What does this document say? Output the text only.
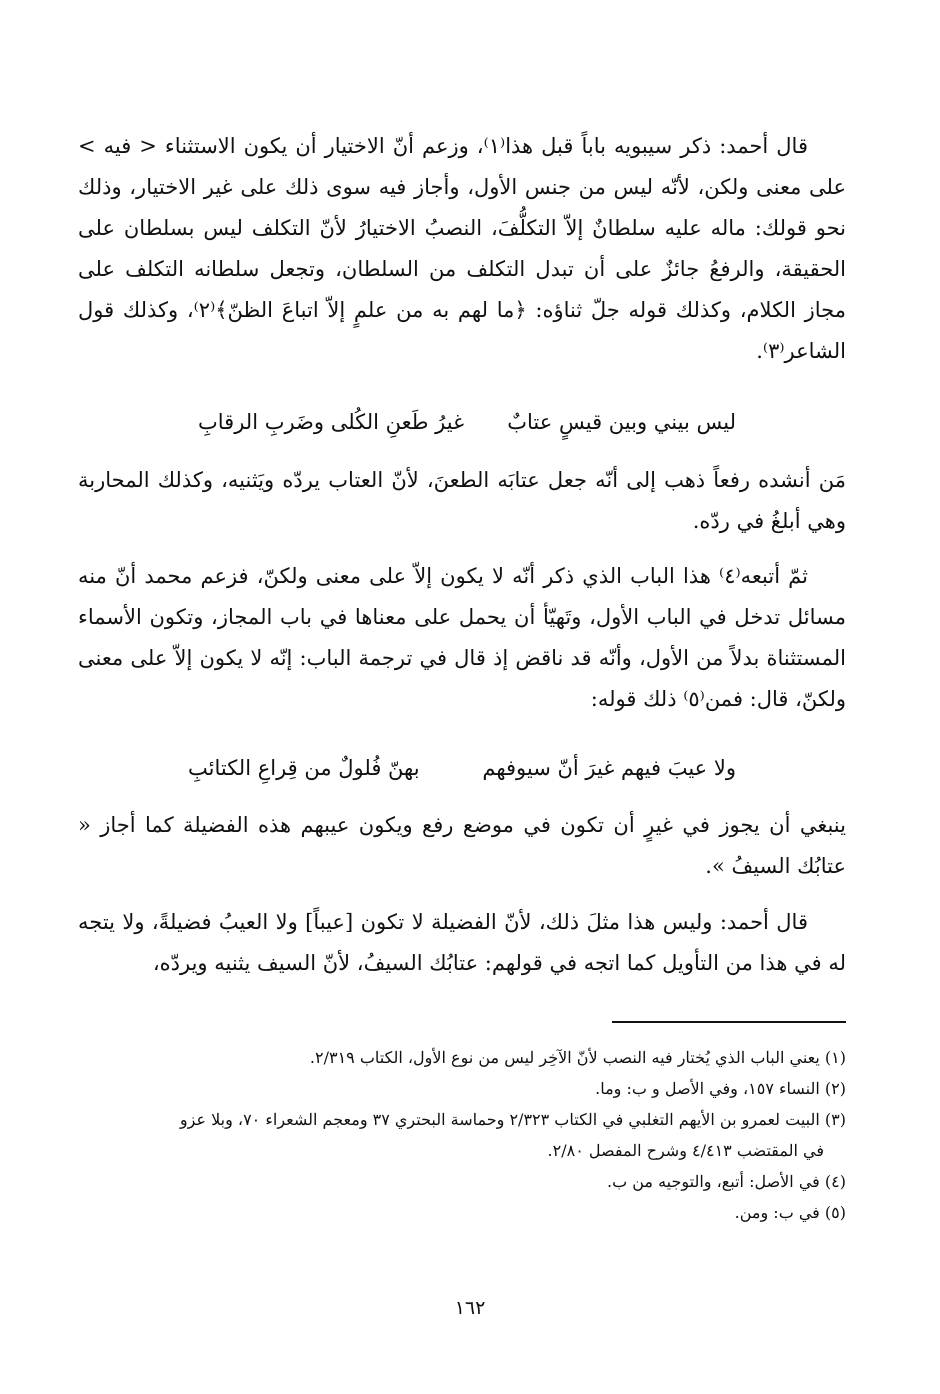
قال أحمد: ذكر سيبويه باباً قبل هذا⁽١⁾، وزعم أنّ الاختيار أن يكون الاستثناء < فيه > على معنى ولكن، لأنّه ليس من جنس الأول، وأجاز فيه سوى ذلك على غير الاختيار، وذلك نحو قولك: ماله عليه سلطانٌ إلاّ التكلُّفَ، النصبُ الاختيارُ لأنّ التكلف ليس بسلطان على الحقيقة، والرفعُ جائزٌ على أن تبدل التكلف من السلطان، وتجعل سلطانه التكلف على مجاز الكلام، وكذلك قوله جلّ ثناؤه: ﴿ما لهم به من علمٍ إلاّ اتباعَ الظنّ﴾⁽٢⁾، وكذلك قول الشاعر⁽٣⁾.

ليس بيني وبين قيسٍ عتابٌ
غيرُ طَعنِ الكُلى وضَربِ الرقابِ

مَن أنشده رفعاً ذهب إلى أنّه جعل عتابَه الطعنَ، لأنّ العتاب يردّه ويَثنيه، وكذلك المحاربة وهي أبلغُ في ردّه.

ثمّ أتبعه⁽٤⁾ هذا الباب الذي ذكر أنّه لا يكون إلاّ على معنى ولكنّ، فزعم محمد أنّ منه مسائل تدخل في الباب الأول، وتَهيّأ أن يحمل على معناها في باب المجاز، وتكون الأسماء المستثناة بدلاً من الأول، وأنّه قد ناقض إذ قال في ترجمة الباب: إنّه لا يكون إلاّ على معنى ولكنّ، قال: فمن⁽٥⁾ ذلك قوله:

ولا عيبَ فيهم غيرَ أنّ سيوفهم
بهنّ فُلولٌ من قِراعِ الكتائبِ

ينبغي أن يجوز في غيرٍ أن تكون في موضع رفع ويكون عيبهم هذه الفضيلة كما أجاز « عتابُك السيفُ ».

قال أحمد: وليس هذا مثلَ ذلك، لأنّ الفضيلة لا تكون [عيباً] ولا العيبُ فضيلةً، ولا يتجه له في هذا من التأويل كما اتجه في قولهم: عتابُك السيفُ، لأنّ السيف يثنيه ويردّه،

(١) يعني الباب الذي يُختار فيه النصب لأنّ الآخِر ليس من نوع الأول، الكتاب ٢/٣١٩.

(٢) النساء ١٥٧، وفي الأصل و ب: وما.

(٣) البيت لعمرو بن الأيهم التغلبي في الكتاب ٢/٣٢٣ وحماسة البحتري ٣٧ ومعجم الشعراء ٧٠، وبلا عزو
في المقتضب ٤/٤١٣ وشرح المفصل ٢/٨٠.

(٤) في الأصل: أتبع، والتوجيه من ب.

(٥) في ب: ومن.

١٦٢
